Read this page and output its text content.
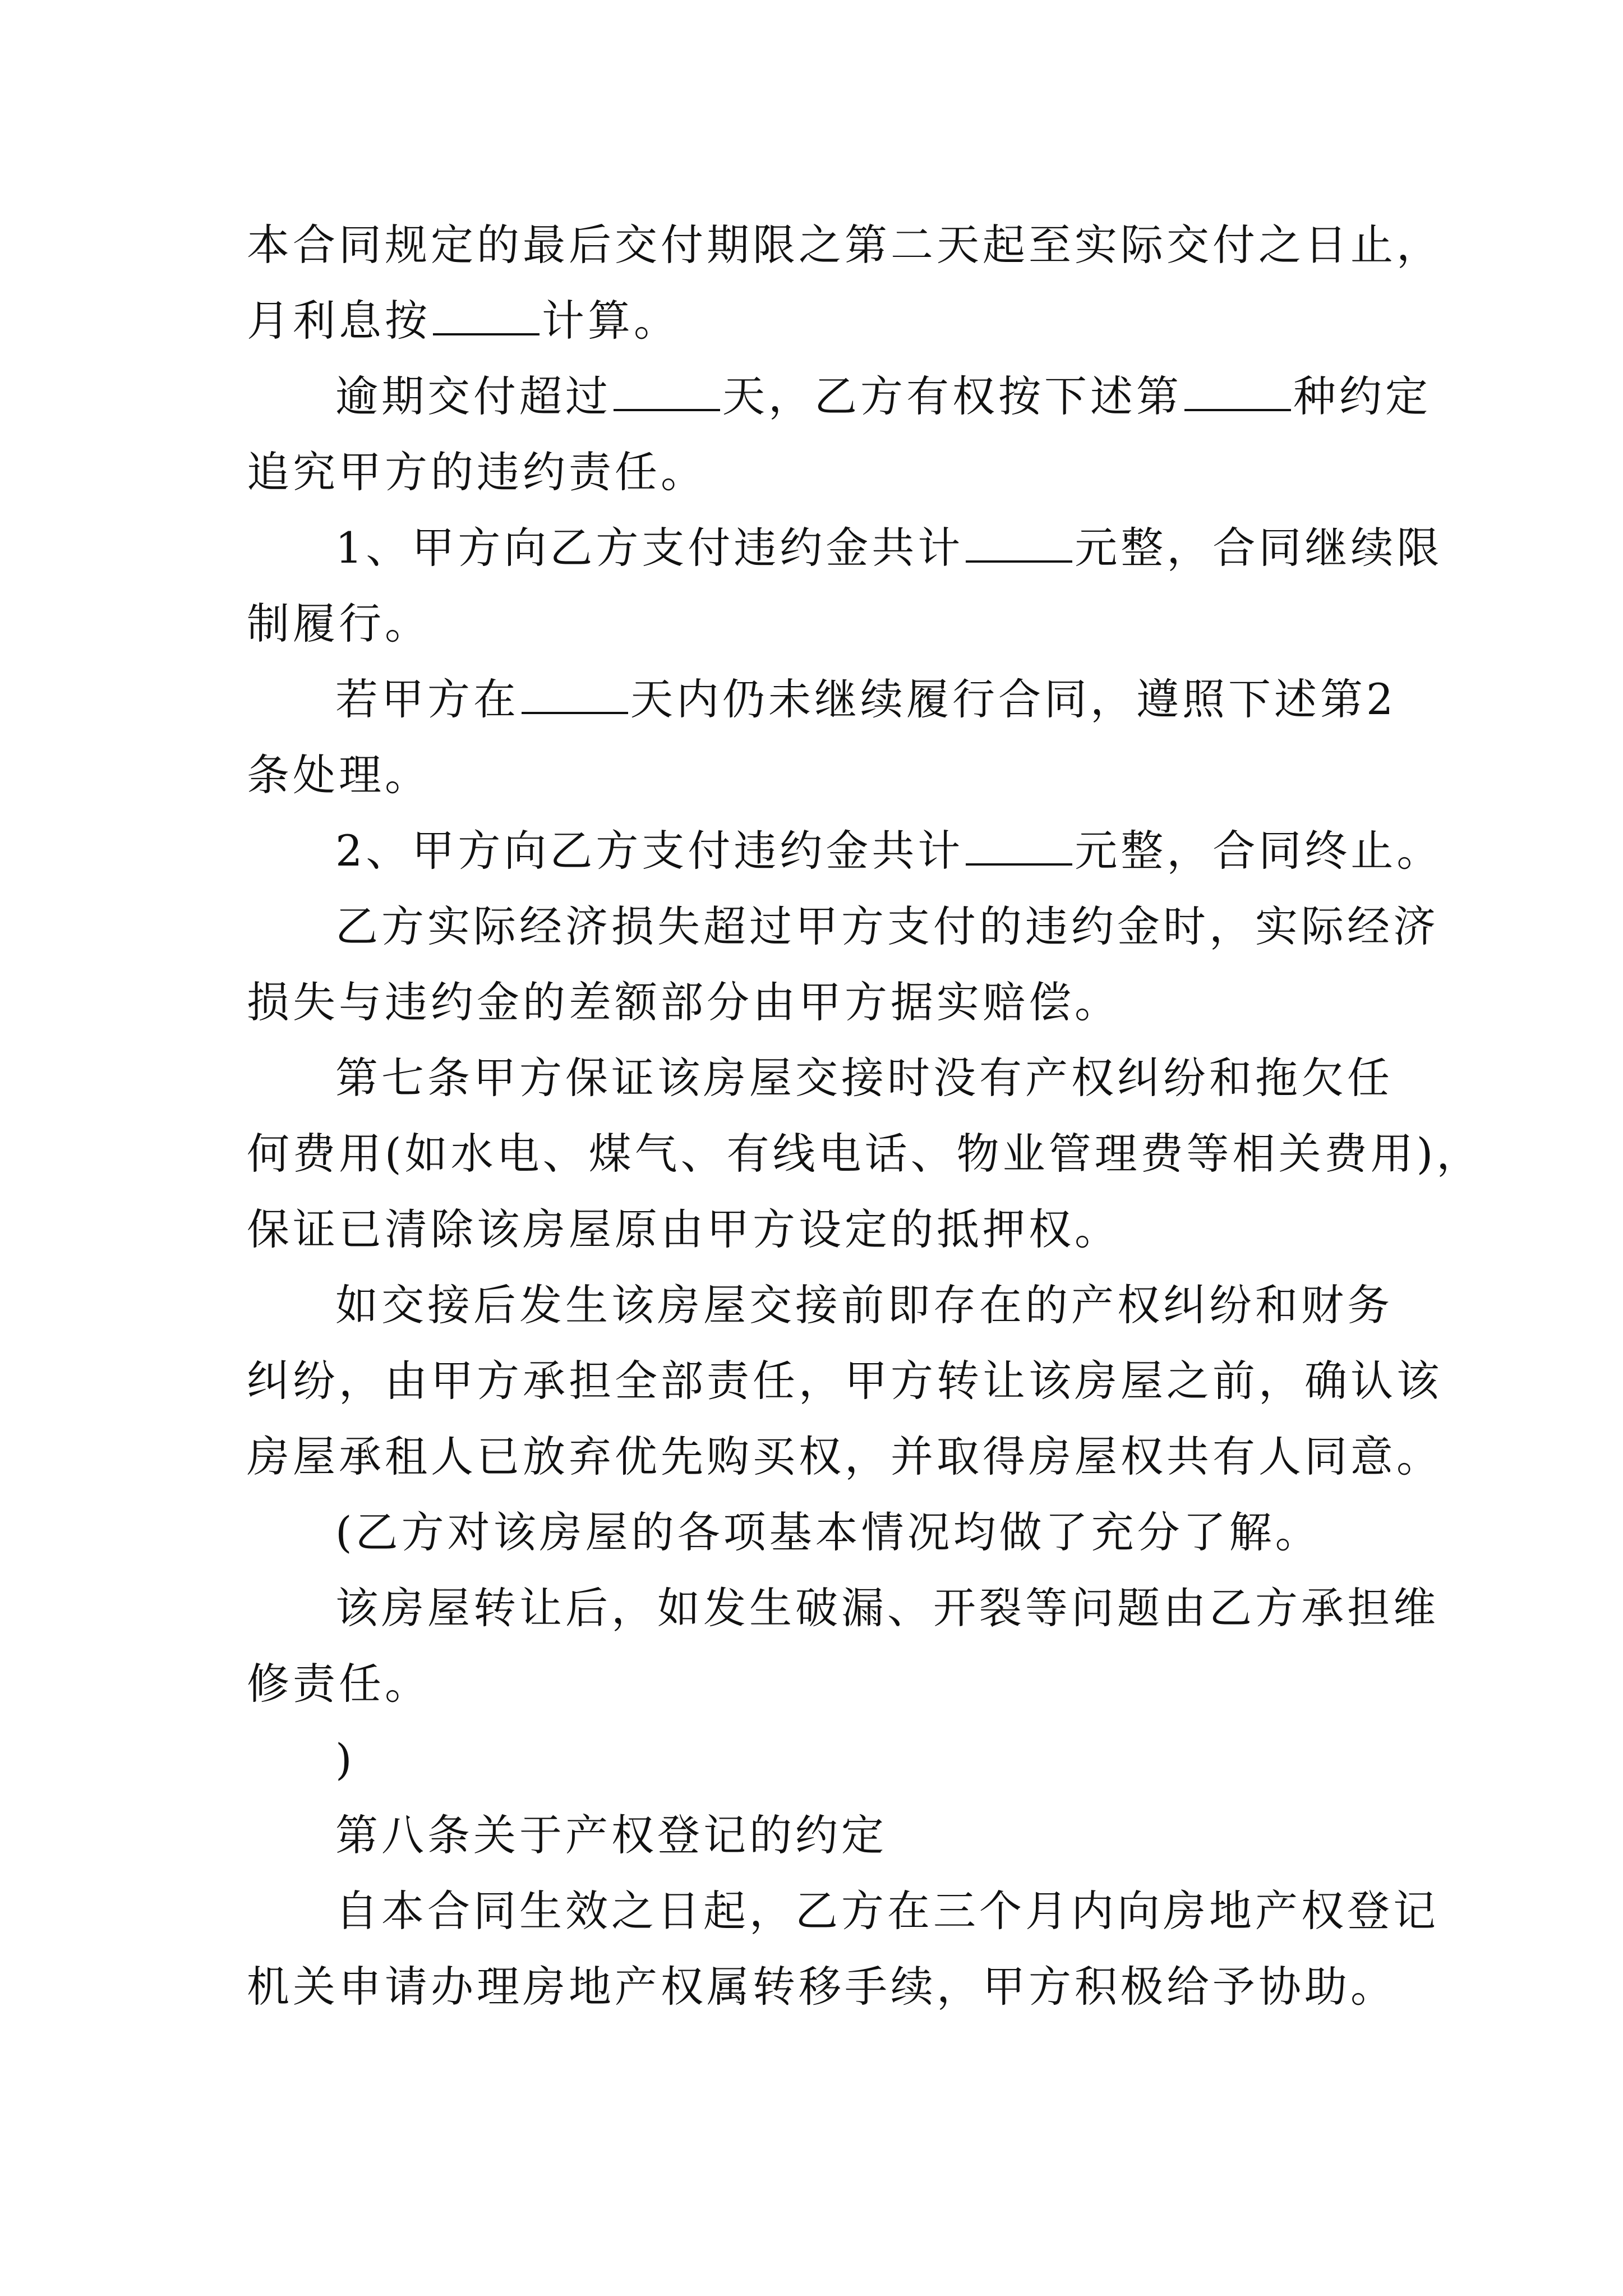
本合同规定的最后交付期限之第二天起至实际交付之日止，
月利息按	计算。
逾期交付超过	天，乙方有权按下述第	种约定
追究甲方的违约责任。
1、甲方向乙方支付违约金共计	元整，合同继续限
制履行。
若甲方在	天内仍未继续履行合同，遵照下述第2
条处理。
2、甲方向乙方支付违约金共计	元整，合同终止。
乙方实际经济损失超过甲方支付的违约金时，实际经济
损失与违约金的差额部分由甲方据实赔偿。
第七条甲方保证该房屋交接时没有产权纠纷和拖欠任
何费用(如水电、煤气、有线电话、物业管理费等相关费用)，
保证已清除该房屋原由甲方设定的抵押权。
如交接后发生该房屋交接前即存在的产权纠纷和财务
纠纷，由甲方承担全部责任，甲方转让该房屋之前，确认该
房屋承租人已放弃优先购买权，并取得房屋权共有人同意。
(乙方对该房屋的各项基本情况均做了充分了解。
该房屋转让后，如发生破漏、开裂等问题由乙方承担维
修责任。
)
第八条关于产权登记的约定
自本合同生效之日起，乙方在三个月内向房地产权登记
机关申请办理房地产权属转移手续，甲方积极给予协助。
